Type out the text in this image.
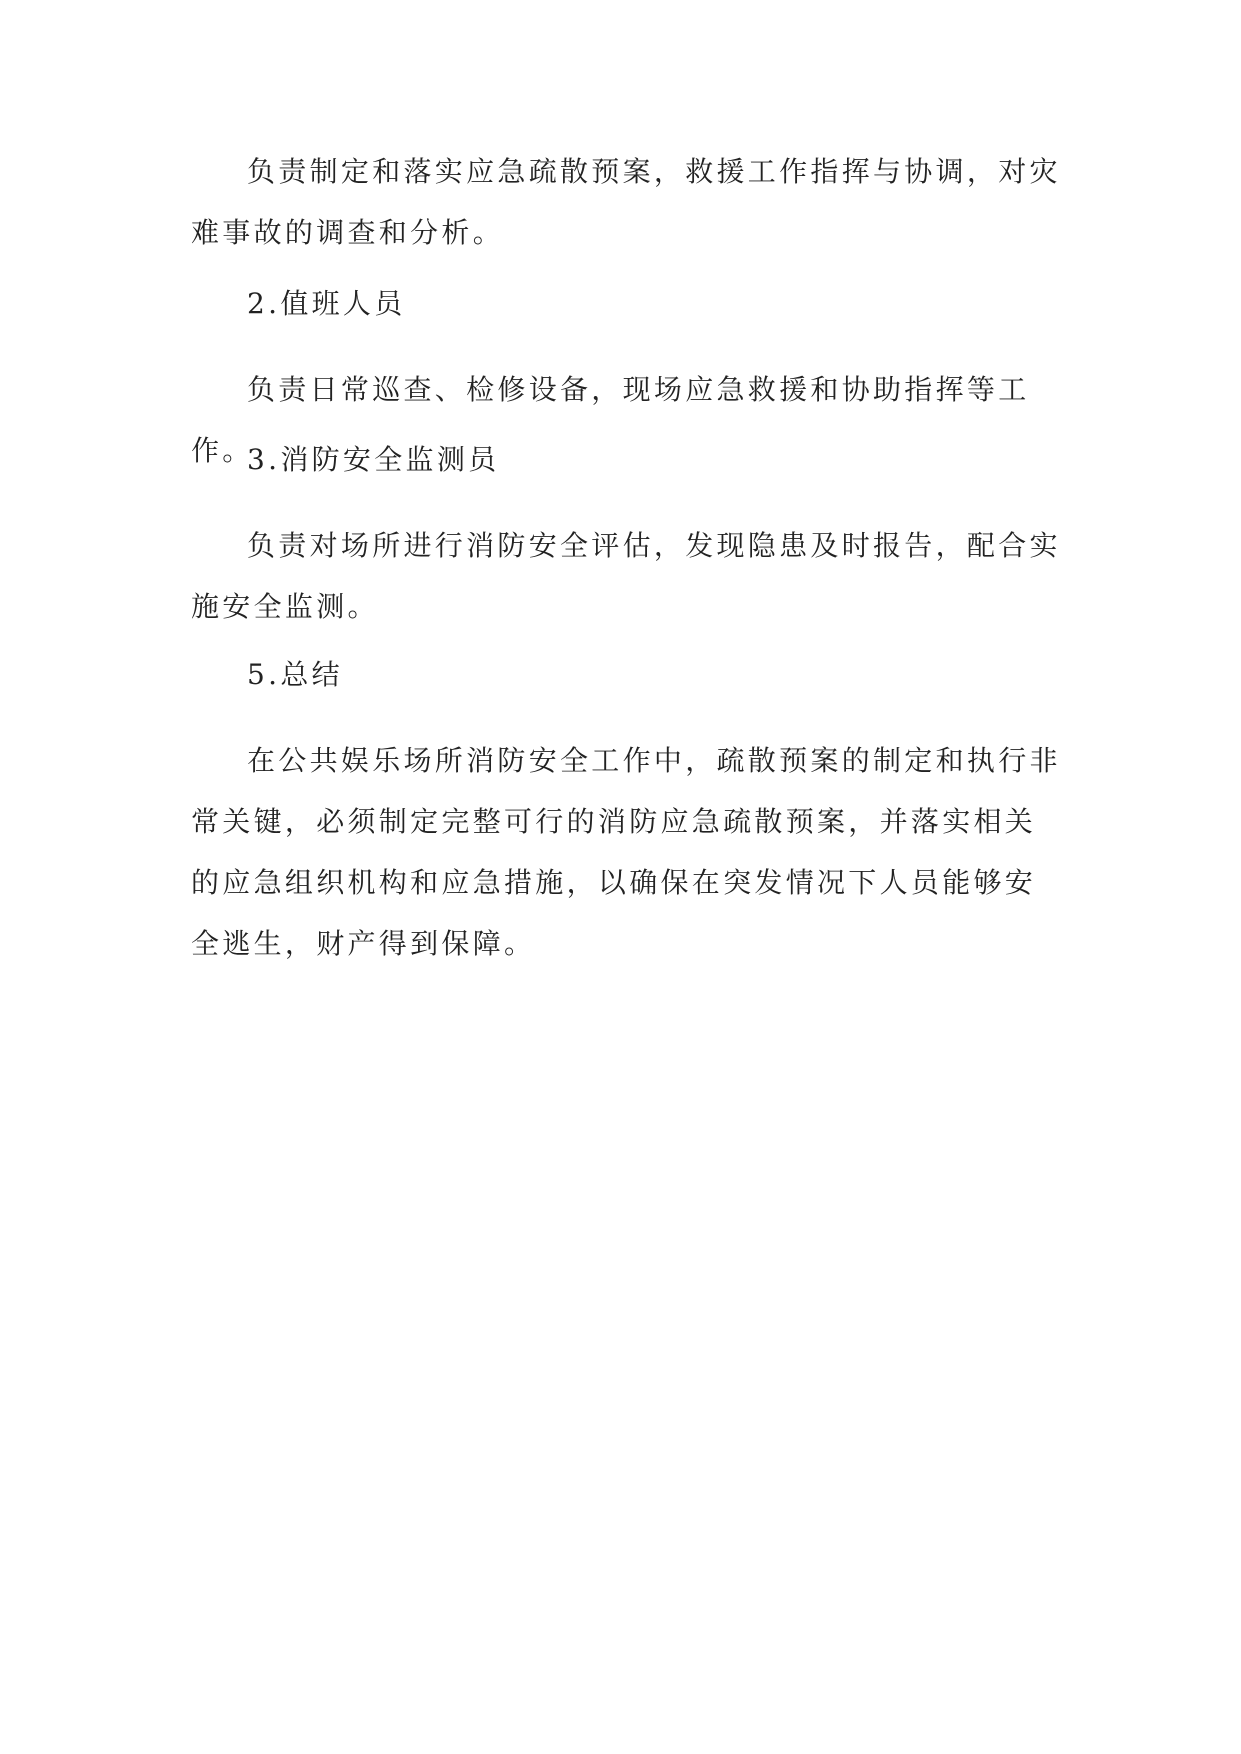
负责制定和落实应急疏散预案，救援工作指挥与协调，对灾难事故的调查和分析。

2.值班人员

负责日常巡查、检修设备，现场应急救援和协助指挥等工作。

3.消防安全监测员

负责对场所进行消防安全评估，发现隐患及时报告，配合实施安全监测。

5.总结

在公共娱乐场所消防安全工作中，疏散预案的制定和执行非常关键，必须制定完整可行的消防应急疏散预案，并落实相关的应急组织机构和应急措施，以确保在突发情况下人员能够安全逃生，财产得到保障。
